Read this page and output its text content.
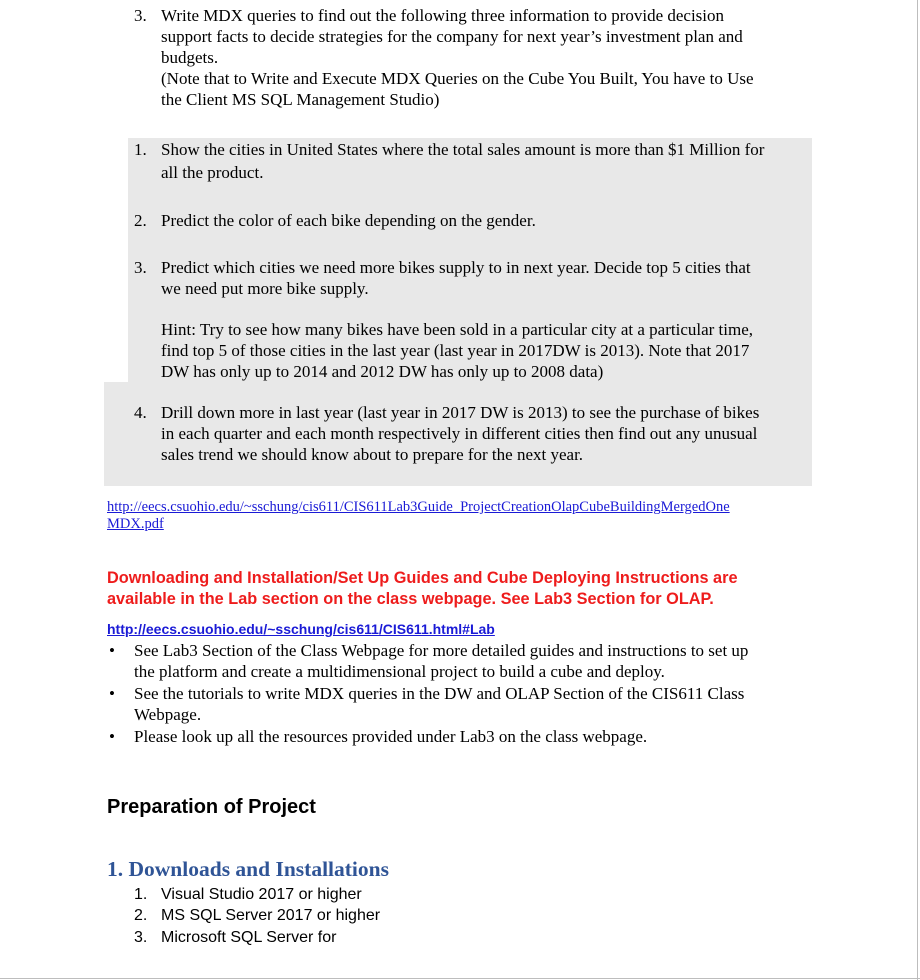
3. Write MDX queries to find out the following three information to provide decision
support facts to decide strategies for the company for next year’s investment plan and
budgets.
(Note that to Write and Execute MDX Queries on the Cube You Built, You have to Use
the Client MS SQL Management Studio)
1. Show the cities in United States where the total sales amount is more than $1 Million for
all the product.
2. Predict the color of each bike depending on the gender.
3. Predict which cities we need more bikes supply to in next year. Decide top 5 cities that
we need put more bike supply.
Hint: Try to see how many bikes have been sold in a particular city at a particular time,
find top 5 of those cities in the last year (last year in 2017DW is 2013). Note that 2017
DW has only up to 2014 and 2012 DW has only up to 2008 data)
4. Drill down more in last year (last year in 2017 DW is 2013) to see the purchase of bikes
in each quarter and each month respectively in different cities then find out any unusual
sales trend we should know about to prepare for the next year.
http://eecs.csuohio.edu/~sschung/cis611/CIS611Lab3Guide_ProjectCreationOlapCubeBuildingMergedOne
MDX.pdf
Downloading and Installation/Set Up Guides and Cube Deploying Instructions are
available in the Lab section on the class webpage. See Lab3 Section for OLAP.
http://eecs.csuohio.edu/~sschung/cis611/CIS611.html#Lab
• See Lab3 Section of the Class Webpage for more detailed guides and instructions to set up
the platform and create a multidimensional project to build a cube and deploy.
• See the tutorials to write MDX queries in the DW and OLAP Section of the CIS611 Class
Webpage.
• Please look up all the resources provided under Lab3 on the class webpage.
Preparation of Project
1. Downloads and Installations
1. Visual Studio 2017 or higher
2. MS SQL Server 2017 or higher
3. Microsoft SQL Server for
